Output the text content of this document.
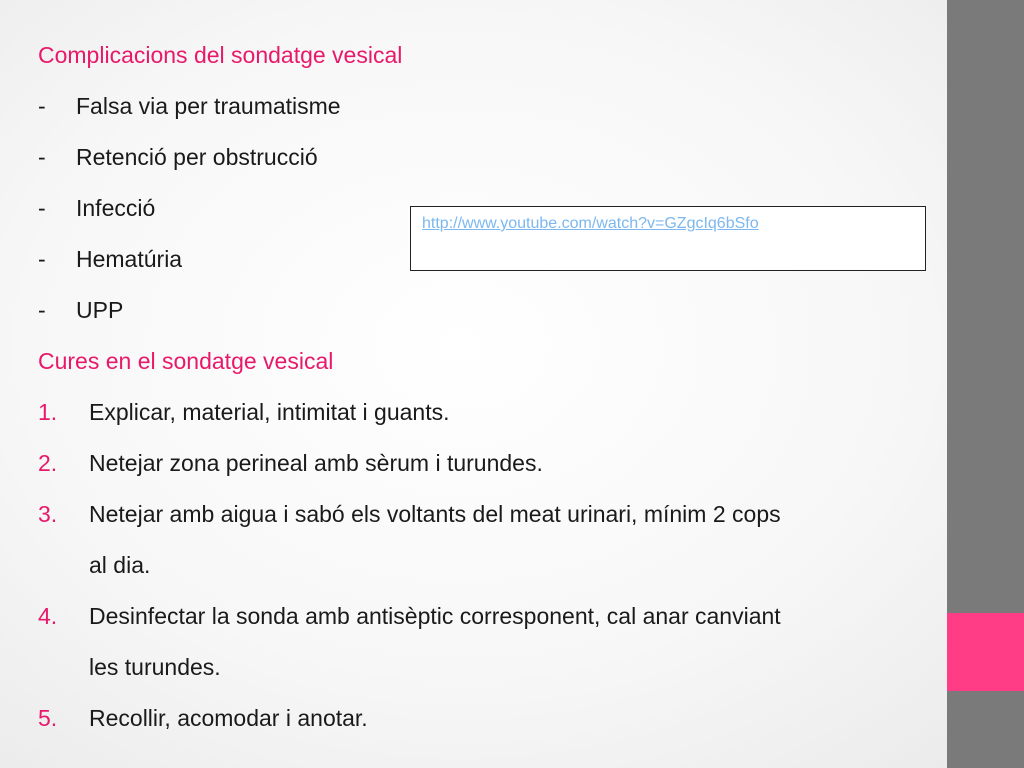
Complicacions del sondatge vesical
-	Falsa via per traumatisme
-	Retenció per obstrucció
-	Infecció
-	Hematúria
-	UPP
Cures en el sondatge vesical
1.	Explicar, material, intimitat i guants.
2.	Netejar zona perineal amb sèrum i turundes.
3.	Netejar amb aigua i sabó els voltants del meat urinari, mínim 2 cops
al dia.
4.	Desinfectar la sonda amb antisèptic corresponent, cal anar canviant
les turundes.
5.	Recollir, acomodar i anotar.
http://www.youtube.com/watch?v=GZgcIq6bSfo
